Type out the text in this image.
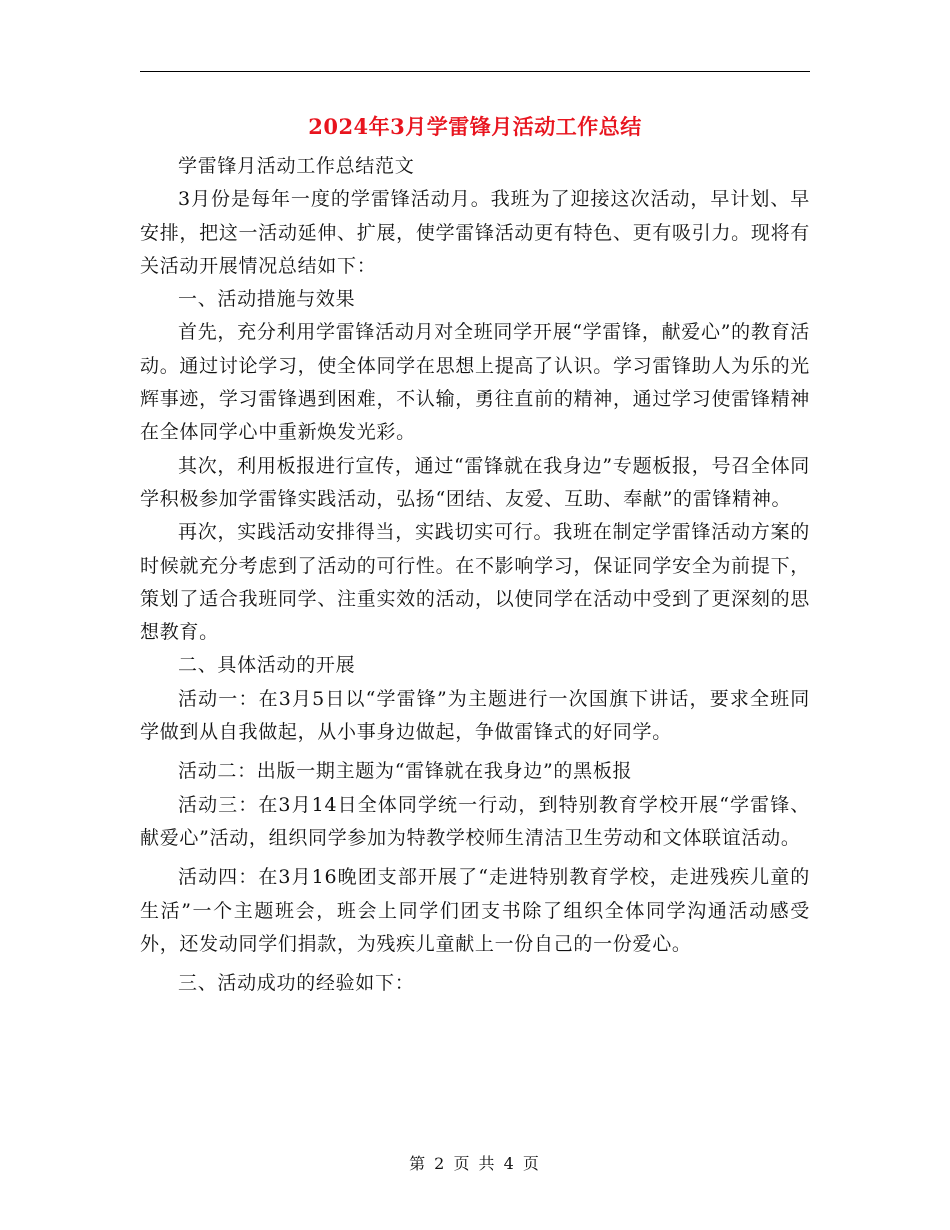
2024年3月学雷锋月活动工作总结

学雷锋月活动工作总结范文

3月份是每年一度的学雷锋活动月。我班为了迎接这次活动，早计划、早安排，把这一活动延伸、扩展，使学雷锋活动更有特色、更有吸引力。现将有关活动开展情况总结如下：

一、活动措施与效果

首先，充分利用学雷锋活动月对全班同学开展“学雷锋，献爱心”的教育活动。通过讨论学习，使全体同学在思想上提高了认识。学习雷锋助人为乐的光辉事迹，学习雷锋遇到困难，不认输，勇往直前的精神，通过学习使雷锋精神在全体同学心中重新焕发光彩。

其次，利用板报进行宣传，通过“雷锋就在我身边”专题板报，号召全体同学积极参加学雷锋实践活动，弘扬“团结、友爱、互助、奉献”的雷锋精神。

再次，实践活动安排得当，实践切实可行。我班在制定学雷锋活动方案的时候就充分考虑到了活动的可行性。在不影响学习，保证同学安全为前提下，策划了适合我班同学、注重实效的活动，以使同学在活动中受到了更深刻的思想教育。

二、具体活动的开展

活动一：在3月5日以“学雷锋”为主题进行一次国旗下讲话，要求全班同学做到从自我做起，从小事身边做起，争做雷锋式的好同学。

活动二：出版一期主题为“雷锋就在我身边”的黑板报

活动三：在3月14日全体同学统一行动，到特别教育学校开展“学雷锋、献爱心”活动，组织同学参加为特教学校师生清洁卫生劳动和文体联谊活动。

活动四：在3月16晚团支部开展了“走进特别教育学校，走进残疾儿童的生活”一个主题班会，班会上同学们团支书除了组织全体同学沟通活动感受外，还发动同学们捐款，为残疾儿童献上一份自己的一份爱心。

三、活动成功的经验如下：

第 2 页 共 4 页
